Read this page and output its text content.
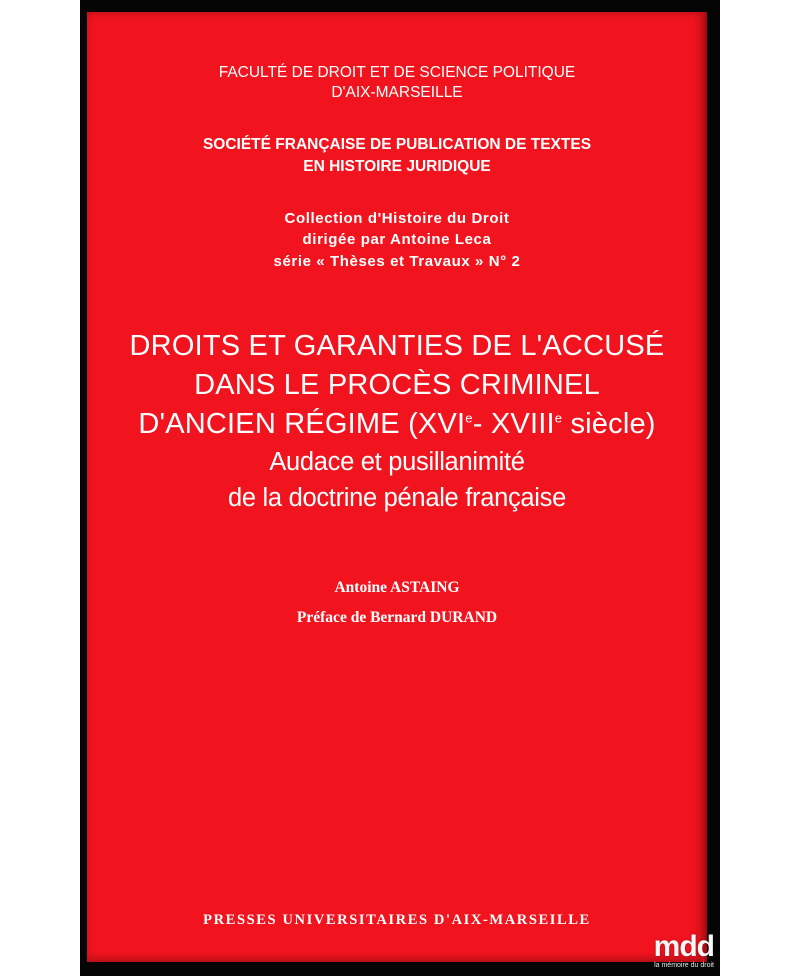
FACULTÉ DE DROIT ET DE SCIENCE POLITIQUE

D'AIX-MARSEILLE

SOCIÉTÉ FRANÇAISE DE PUBLICATION DE TEXTES

EN HISTOIRE JURIDIQUE

Collection d'Histoire du Droit

dirigée par Antoine Leca

série « Thèses et Travaux » N° 2

DROITS ET GARANTIES DE L'ACCUSÉ

DANS LE PROCÈS CRIMINEL

D'ANCIEN RÉGIME (XVIe- XVIIIe siècle)

Audace et pusillanimité

de la doctrine pénale française

Antoine ASTAING

Préface de Bernard DURAND

PRESSES UNIVERSITAIRES D'AIX-MARSEILLE

mdd
la mémoire du droit
